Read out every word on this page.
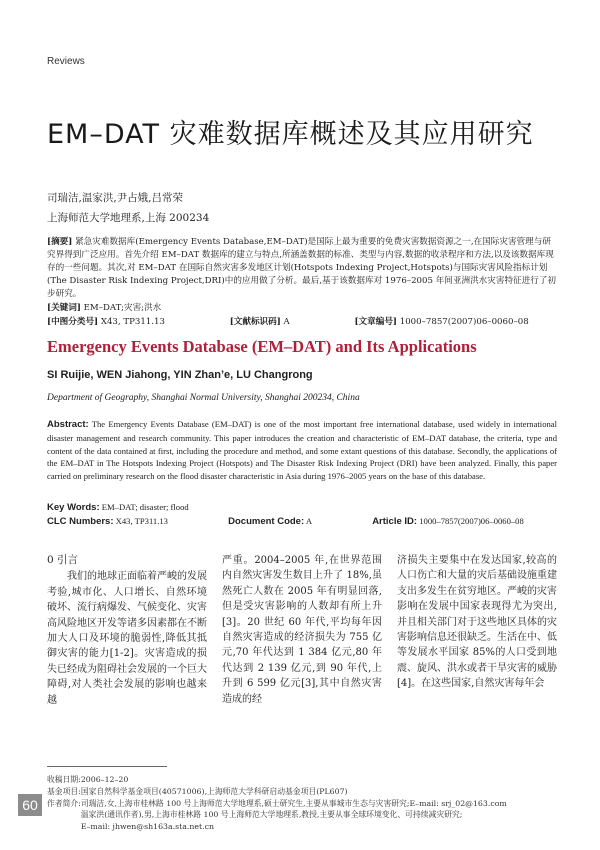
Reviews
EM–DAT 灾难数据库概述及其应用研究
司瑞洁,温家洪,尹占娥,吕常荣
上海师范大学地理系,上海 200234
[摘要] 紧急灾难数据库(Emergency Events Database,EM–DAT)是国际上最为重要的免费灾害数据资源之一,在国际灾害管理与研究界得到广泛应用。首先介绍 EM–DAT 数据库的建立与特点,所涵盖数据的标准、类型与内容,数据的收录程序和方法,以及该数据库现存的一些问题。其次,对 EM–DAT 在国际自然灾害多发地区计划(Hotspots Indexing Project,Hotspots)与国际灾害风险指标计划(The Disaster Risk Indexing Project,DRI)中的应用做了分析。最后,基于该数据库对 1976–2005 年间亚洲洪水灾害特征进行了初步研究。
[关键词] EM–DAT;灾害;洪水
[中图分类号] X43, TP311.13	[文献标识码] A	[文章编号] 1000–7857(2007)06–0060–08
Emergency Events Database (EM–DAT) and Its Applications
SI Ruijie, WEN Jiahong, YIN Zhan’e, LU Changrong
Department of Geography, Shanghai Normal University, Shanghai 200234, China
Abstract: The Emergency Events Database (EM–DAT) is one of the most important free international database, used widely in international disaster management and research community. This paper introduces the creation and characteristic of EM–DAT database, the criteria, type and content of the data contained at first, including the procedure and method, and some extant questions of this database. Secondly, the applications of the EM–DAT in The Hotspots Indexing Project (Hotspots) and The Disaster Risk Indexing Project (DRI) have been analyzed. Finally, this paper carried on preliminary research on the flood disaster characteristic in Asia during 1976–2005 years on the base of this database.
Key Words: EM–DAT; disaster; flood
CLC Numbers: X43, TP311.13	Document Code: A	Article ID: 1000–7857(2007)06–0060–08
0 引言
我们的地球正面临着严峻的发展考验,城市化、人口增长、自然环境破坏、流行病爆发、气候变化、灾害高风险地区开发等诸多因素都在不断加大人口及环境的脆弱性,降低其抵御灾害的能力[1-2]。灾害造成的损失已经成为阻碍社会发展的一个巨大障碍,对人类社会发展的影响也越来越
严重。2004–2005 年,在世界范围内自然灾害发生数目上升了 18%,虽然死亡人数在 2005 年有明显回落,但是受灾害影响的人数却有所上升[3]。20 世纪 60 年代,平均每年因自然灾害造成的经济损失为 755 亿元,70 年代达到 1 384 亿元,80 年代达到 2 139 亿元,到 90 年代,上升到 6 599 亿元[3],其中自然灾害造成的经
济损失主要集中在发达国家,较高的人口伤亡和大量的灾后基础设施重建支出多发生在贫穷地区。严峻的灾害影响在发展中国家表现得尤为突出,并且相关部门对于这些地区具体的灾害影响信息还很缺乏。生活在中、低等发展水平国家 85%的人口受到地震、旋风、洪水或者干旱灾害的威胁[4]。在这些国家,自然灾害每年会
收稿日期: 2006–12–20
基金项目: 国家自然科学基金项目(40571006),上海师范大学科研启动基金项目(PL607)
作者简介: 司瑞洁,女,上海市桂林路 100 号上海师范大学地理系,硕士研究生,主要从事城市生态与灾害研究;E–mail: srj_02@163.com
温家洪(通讯作者),男,上海市桂林路 100 号上海师范大学地理系,教授,主要从事全球环境变化、可持续减灾研究;
E–mail: jhwen@sh163a.sta.net.cn
60
